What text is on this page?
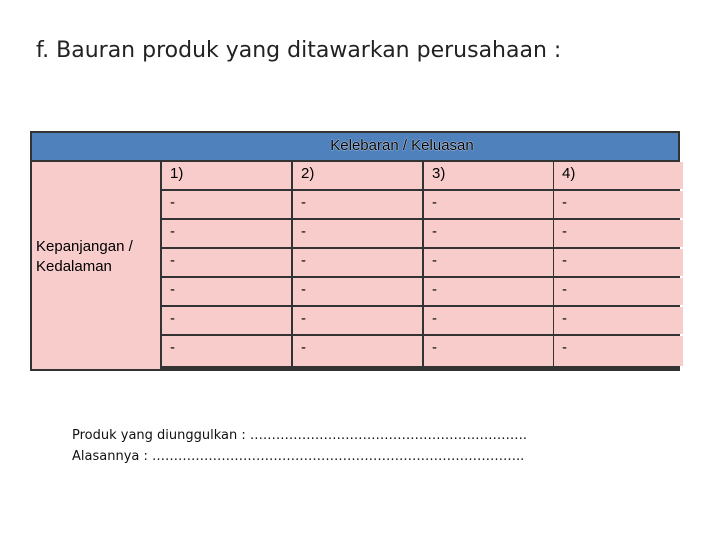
f. Bauran produk yang ditawarkan perusahaan :
Kelebaran / Keluasan
Kepanjangan /
Kedalaman
1)	2)	3)	4)
-	-	-	-
-	-	-	-
-	-	-	-
-	-	-	-
-	-	-	-
-	-	-	-
Produk yang diunggulkan : ……………………………………………………….
Alasannya : …………………………………………………………………………..
